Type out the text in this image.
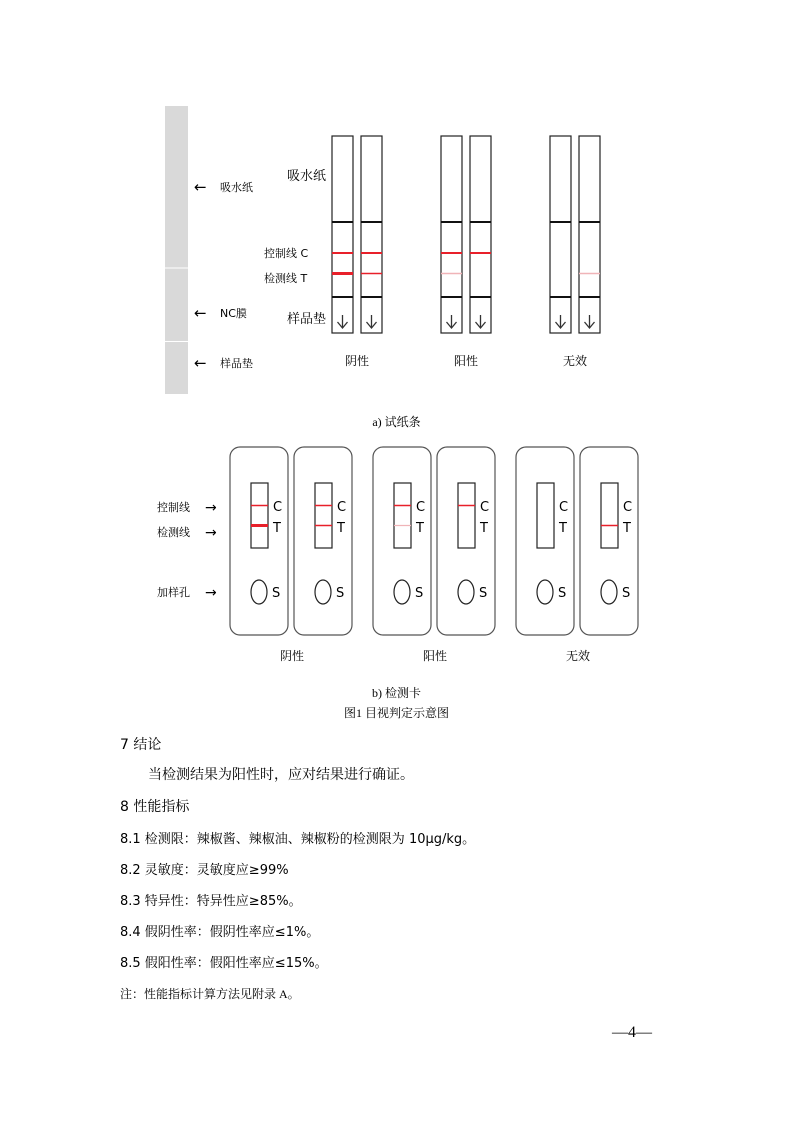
← 吸水纸
← NC膜
← 样品垫
吸水纸
控制线 C
检测线 T
样品垫
阴性	阳性	无效
a) 试纸条
控制线 →
检测线 →
加样孔 →
C
T
S
C
T
S
C
T
S
C
T
S
C
T
S
C
T
S
阴性	阳性	无效
b) 检测卡
图1 目视判定示意图
7 结论
当检测结果为阳性时，应对结果进行确证。
8 性能指标
8.1 检测限：辣椒酱、辣椒油、辣椒粉的检测限为 10μg/kg。
8.2 灵敏度：灵敏度应≥99%
8.3 特异性：特异性应≥85%。
8.4 假阴性率：假阴性率应≤1%。
8.5 假阳性率：假阳性率应≤15%。
注：性能指标计算方法见附录 A。
—4—
